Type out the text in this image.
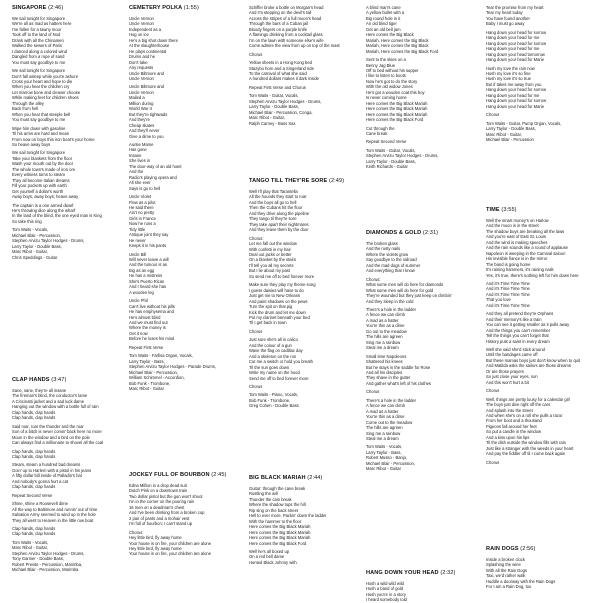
SINGAPORE (2:46)
We sail tonight for Singapore
We're all as mad as hatters here
I've fallen for a tawny moor
Took off to the land of Nod
Drank with all the Chinamen
Walked the sewers of Paris
I danced along a colored wind
Dangled from a rope of sand
You must say goodbye to me
We sail tonight for Singapore
Don't fall asleep while you're ashore
Cross your heart and hope to die
When you hear the children cry
Let marrow bone and cleaver choose
While making feet for children shoes
Through the alley
Back from hell
When you hear that steeple bell
You must say goodbye to me
Wipe him down with gasoline
Til his arms are hard and mean
From now on boys this iron boat's your home
So heave away boys
We sail tonight for Singapore
Take your blankets from the floor
Wash your mouth out by the door
The whole town's made of iron ore
Every witness turns to steam
They all become Italian dreams
Fill your pockets up with earth
Get yourself a dollar's worth
Away boys, away boys, heave away
The captain is a one armed dwarf
He's throwing dice along the wharf
In the land of the blind, the one eyed man is King
So take this ring
Tom Waits - Vocals,
Michael Blair - Percussion,
Stephen Arvizu Taylor Hodges - Drums,
Larry Taylor - Double Bass,
Marc Ribot - Guitar,
Chris Speddings - Guitar
CLAP HANDS (3:47)
Sane, sane, they're all insane
The fireman's blind, the conductor's lame
A Cincinatti jacket and a sad luck dame
Hanging out the window with a bottle full of rain
Clap hands, clap hands
Clap hands, clap hands
Said roar, roar the thunder and the roar
Son of a bitch is never comin' back here no more
Moon in the window and a bird on the pole
Can always find a millionaire to shovel all the coal
Clap hands, clap hands
Clap hands, clap hands
Steam, steam a hundred bad dreams
Goin' up to Harlem with a pistol in his jeans
A fifty dollar bill inside of Palladin's hat
And nobody's gonna hurt a cat
Clap hands, clap hands
Repeat Second Verse
Shine, shine a Roosevelt dime
All the way to Baltimore and runnin' out of time
Salvation Army seemed to wind up in the hole
They all went to Heaven in the little row boat
Clap hands, clap hands
Clap hands, clap hands
Tom Waits - Vocals,
Marc Ribot - Guitar,
Stephen Arvizu Taylor Hodges - Drums,
Tony Garnier - Double Bass,
Robert Previte - Percussion, Marimba,
Michael Blair - Percussion, Marimba
CEMETERY POLKA (1:55)
Uncle Vernon
Uncle Vernon
Independent as a
Hog on ice
He's a big shot down there
At the slaughterhouse
He plays continental
Drums and he
Don't take
Any requests
Uncle Biltmore and
Uncle Vernon
Uncle Biltmore and
Uncle Vernon
Mailed a
Million during
World War II
But they're tightwads
And they're
Cheap skates
And they'll never
Give a dime to you
Auntie Mame
Has gone
Insane
She lives in
The door-way of an old hotel
And the
Radio's playing opera and
All she ever
Says is go to hell
Uncle Violet
Flew as a pilot
He said there
Ain't no pretty
Girls in France
Now he runs a
Tidy little
Antique joint they say
He never
Keeps it in his pants
Uncle Bill
Will never leave a will
And the tumour is as
Big as an egg
He has a mistress
She's Puerto Rican
And I heard she has
A wooden leg
Uncle Phil
Can't live without his pills
He has emphysema and
He's almost blind
And we must find out
Where the money is
Get it now
Before he loses his mind
Repeat First Verse
Tom Waits - Farfisa Organ, Vocals,
Larry Taylor - Bass,
Stephen Arvizu Taylor Hodges - Parade Drums,
Michael Blair - Percussion,
William Schimmel - Accordion,
Bob Funk - Trombone,
Marc Ribot - Guitar
JOCKEY FULL OF BOURBON (2:45)
Edna Million in a drop dead suit
Dutch Pink on a downtown train
Two dollar pistol but the gun won't shoot
I'm in the corner on the pouring rain
16 men on a deadman's chest
And I've been drinking from a broken cup
2 pair of pants and a mohair vest
I'm full of bourbon; I can't stand up
Chorus:
Hey little bird, fly away home
Your house is on fire, your children are alone
Hey little bird, fly away home
Your house is on fire, your children are alone
Schiffer broke a bottle on Morgan's head
And I'm stepping on the devil's tail
Across the stripes of a full moon's head
Through the bars of a Cuban jail
Bloody fingers on a purple knife
A flamingo drinking from a cocktail glass
I'm on the lawn with someone else's wife
Come admire the view from up on top of the mast
Chorus
Yellow sheets in a Hong Kong bed
Stazybo horn and a Singerland ride
To the carnival of what she said
A hundred dollars makes it dark inside
Repeat First Verse and Chorus
Tom Waits - Guitar, Vocals,
Stephen Arvizu Taylor Hodges - Drums,
Larry Taylor - Double Bass,
Michael Blair - Percussion, Conga,
Marc Ribot - Guitar,
Ralph Carney - Bass Sax
TANGO TILL THEY'RE SORE (2:49)
Well I'll play that Tarantella
All the hounds they start to roar
And the boys all go to hell
Then the Cubans hit the floor
And they drive along the pipeline
They tango til they're sore
They take apart their nightmares
And they leave them by the door
Chorus:
Let me fall out the window
With confetti in my hair
Deal out jacks or better
On a blanket by the stairs
I'll tell you all my secrets
But I lie about my past
So send me off to bed forever more
Make sure they play my theme song
I guess daisies will have to do
Just get me to New Orleans
And paint shadows on the pews
Turn the spit on that pig
Kick the drum and let me down
Put my clarinet beneath your bed
Til I get back in town
Chorus
Just sure she's all in calico
And the colour of a gun
Wave the flag on cadillac day
And a skeleton on the run
Cut me a switch or hold you breath
Til the sun goes down
Write my name on the hood
Send me off to bed forever more
Chorus
Tom Waits - Piano, Vocals,
Bob Funk - Trombone,
Greg Cohen - Double Bass
BIG BLACK MARIAH (2:44)
Guitar: through the cane break
Rustling the will
Thunder the cain break
Where the shadow tops the hill
Rip sing on the back street
Hell to ever more, Packin' down the ladder
With the hammer to the floor
Here comes the Big Black Mariah
Here comes the Big Black Mariah
Here comes the Big Black Mariah
Here comes the Big Black Ford
Well he's all boxed up
On a red bell dame
Hunted Black Johnny with
A blind man's cane
A yellow bullet with a
Big round hole in it
An old blind tiger
Get an old bell jam
Here comes the Big Black
Mariah, Here comes the Big Black
Mariah, Here comes the Big Black
Mariah, Here comes the Big Black Ford
Sent to the skies on a
Benny Jag Blue
Off to bed without his supper
I like to listen to boots
Now he's got to do the story
With the old widow Jones
He's got a wooden coat this boy
Is never coming home
Here comes the Big Black Mariah
Here comes the Big Black Mariah
Here comes the Big Black Mariah
Here comes the Big Black Ford
Cut through the
Cane break
Repeat Second Verse
Tom Waits - Guitar, Vocals,
Stephen Arvizu Taylor Hodges - Drums,
Larry Taylor - Double Bass,
Keith Richards - Guitar
DIAMONDS & GOLD (2:31)
The broken glass
And the rusty nails
Where the violets grow
Say goodbye to the railroad
And the mad dogs of summer
And everything that I know
Chorus:
What some men will do here for diamonds
What some men will do here for gold
They're wounded but they just keep on climbin'
And they sleep in the cold
There's a hole in the ladder
A fence we can climb
A mad as a hatter
You're thin as a dime
Go out to the meadow
The hills are agreen
Sing me a rainbow
Steal me a dream
Small time Napoleons
Shattered his knees
But he stays in the saddle for Rose
And all his disciples
They shave in the gutter
And gather what's left of his clothes
Chorus
There's a hole in the ladder
A fence we can climb
A mad as a hatter
You're thin as a dime
Come out to the meadow
The hills are agreen
Sing me a rainbow
Steal me a dream
Tom Waits - Vocals,
Larry Taylor - Bass,
Robert Musso - Banjo,
Michael Blair - Percussion,
Marc Ribot - Guitar
HANG DOWN YOUR HEAD (2:32)
Hush a wild wild wild
Hush a band of gold
Hush you're in a story
I heard somebody told
Tear the promise from my heart
Tear my heart today
You have found another
Baby I must go away
Hang down your head for sorrow
Hang down your head for me
Hang down your head for sorrow
Hang down your head for me
Hang down your head tomorrow
Hang down your head for Marie
Hush my love the rain now
Hush my love it's so fine
Hush my love it's so true
But if takes me away from you
Hang down your head for sorrow
Hang down your head for me
Hang down your head for sorrow
Hang down your head for Marie
Chorus
Tom Waits - Guitar, Pump Organ, Vocals,
Larry Taylor - Double Bass,
Marc Ribot - Guitar,
Michael Blair - Percussion
TIME (3:55)
Well the smart money's on Harlow
And the moon is in the street
The shadow boys are breaking all the laws
And you're east of East St. Louis
And the wind is making speeches
And the rain sounds like a round of applause
Napoleon is weeping in the Carnival saloon
His invisible fiance is in the mirror
The band is going home
It's raining hammers, it's raining nails
Yes, it's true, there's nothing left for him down here
And it's Time Time Time
And it's Time Time Time
And it's Time Time Time
That you love
And it's Time Time Time
And they all pretend they're Orphans
And their memory's like a train
You can see it getting smaller as it pulls away
And the things you can't remember
Tell the things you can't forget that
History puts a saint in every dream
Well she said she'd stick around
Until the bandages came off
But these mamas boys just don't know when to quit
And Matilda asks the sailors are those dreams
Or are those prayers
So just close your eyes, son
And this won't hurt a bit
Chorus
Well, things are pretty lousy for a calendar girl
The boys just dive right off the cars
And splash into the street
And when she's on a roll she pulls a razor
From her boot and a thousand
Pigeons fall around her feet
So put a candle in the window
And a kiss upon his lips
Til the dish outside the window fills with rain
Just like a stranger with the weeds in your heart
And pay the fiddler off til I come back again
Chorus
RAIN DOGS (2:56)
Inside a broken clock
Splashing the wine
With all the Rain Dogs
Taxi, we'd rather walk
Huddle a doorway with the Rain Dogs
For I am a Rain Dog, too
